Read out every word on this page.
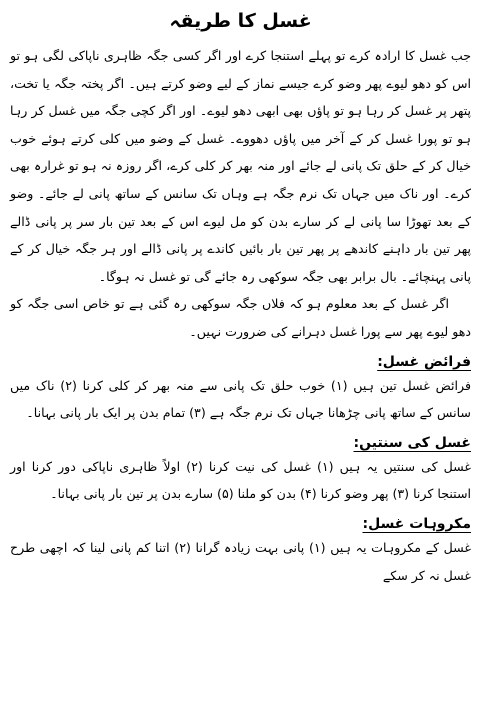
غسل کا طریقہ

جب غسل کا ارادہ کرے تو پہلے استنجا کرے اور اگر کسی جگہ ظاہری ناپاکی لگی ہو تو اس کو دھو لیوے پھر وضو کرے جیسے نماز کے لیے وضو کرتے ہیں۔ اگر پختہ جگہ یا تخت، پتھر پر غسل کر رہا ہو تو پاؤں بھی ابھی دھو لیوے۔ اور اگر کچی جگہ میں غسل کر رہا ہو تو پورا غسل کر کے آخر میں پاؤں دھووے۔ غسل کے وضو میں کلی کرتے ہوئے خوب خیال کر کے حلق تک پانی لے جائے اور منہ بھر کر کلی کرے، اگر روزہ نہ ہو تو غرارہ بھی کرے۔ اور ناک میں جہاں تک نرم جگہ ہے وہاں تک سانس کے ساتھ پانی لے جائے۔ وضو کے بعد تھوڑا سا پانی لے کر سارے بدن کو مل لیوے اس کے بعد تین بار سر پر پانی ڈالے پھر تین بار داہنے کاندھے پر پھر تین بار بائیں کاندے پر پانی ڈالے اور ہر جگہ خیال کر کے پانی پہنچائے۔ بال برابر بھی جگہ سوکھی رہ جائے گی تو غسل نہ ہوگا۔

اگر غسل کے بعد معلوم ہو کہ فلاں جگہ سوکھی رہ گئی ہے تو خاص اسی جگہ کو دھو لیوے پھر سے پورا غسل دہرانے کی ضرورت نہیں۔

فرائض غسل:

فرائض غسل تین ہیں (۱) خوب حلق تک پانی سے منہ بھر کر کلی کرنا (۲) ناک میں سانس کے ساتھ پانی چڑھانا جہاں تک نرم جگہ ہے (۳) تمام بدن پر ایک بار پانی بہانا۔

غسل کی سنتیں:

غسل کی سنتیں یہ ہیں (۱) غسل کی نیت کرنا (۲) اولاً ظاہری ناپاکی دور کرنا اور استنجا کرنا (۳) پھر وضو کرنا (۴) بدن کو ملنا (۵) سارے بدن پر تین بار پانی بہانا۔

مکروہات غسل:

غسل کے مکروہات یہ ہیں (۱) پانی بہت زیادہ گرانا (۲) اتنا کم پانی لینا کہ اچھی طرح غسل نہ کر سکے
